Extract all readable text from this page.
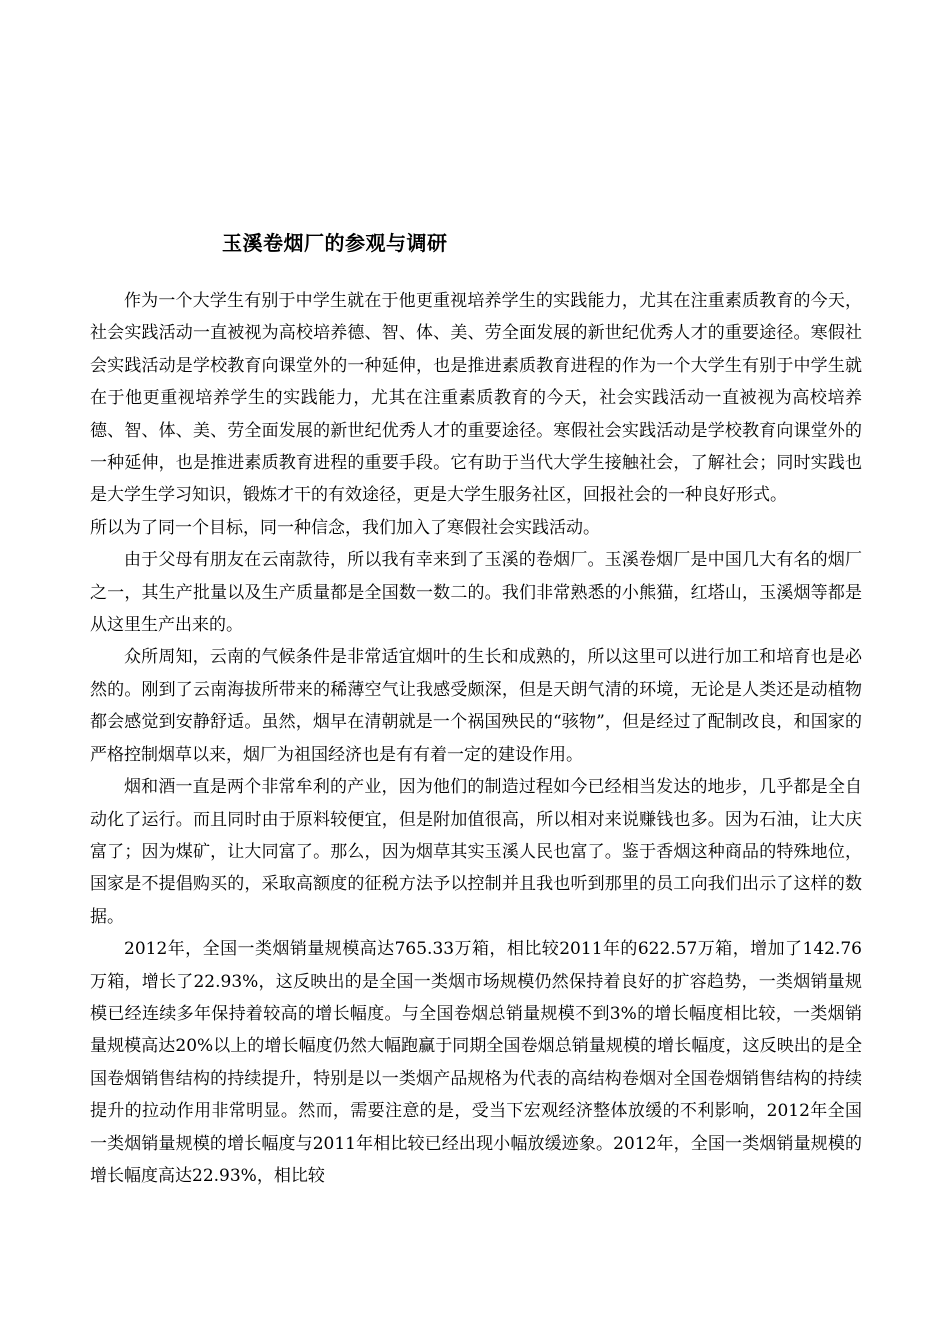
玉溪卷烟厂的参观与调研

作为一个大学生有别于中学生就在于他更重视培养学生的实践能力，尤其在注重素质教育的今天，社会实践活动一直被视为高校培养德、智、体、美、劳全面发展的新世纪优秀人才的重要途径。寒假社会实践活动是学校教育向课堂外的一种延伸，也是推进素质教育进程的作为一个大学生有别于中学生就在于他更重视培养学生的实践能力，尤其在注重素质教育的今天，社会实践活动一直被视为高校培养德、智、体、美、劳全面发展的新世纪优秀人才的重要途径。寒假社会实践活动是学校教育向课堂外的一种延伸，也是推进素质教育进程的重要手段。它有助于当代大学生接触社会，了解社会；同时实践也是大学生学习知识，锻炼才干的有效途径，更是大学生服务社区，回报社会的一种良好形式。

所以为了同一个目标，同一种信念，我们加入了寒假社会实践活动。

由于父母有朋友在云南款待，所以我有幸来到了玉溪的卷烟厂。玉溪卷烟厂是中国几大有名的烟厂之一，其生产批量以及生产质量都是全国数一数二的。我们非常熟悉的小熊猫，红塔山，玉溪烟等都是从这里生产出来的。

众所周知，云南的气候条件是非常适宜烟叶的生长和成熟的，所以这里可以进行加工和培育也是必然的。刚到了云南海拔所带来的稀薄空气让我感受颇深，但是天朗气清的环境，无论是人类还是动植物都会感觉到安静舒适。虽然，烟早在清朝就是一个祸国殃民的“骇物”，但是经过了配制改良，和国家的严格控制烟草以来，烟厂为祖国经济也是有有着一定的建设作用。

烟和酒一直是两个非常牟利的产业，因为他们的制造过程如今已经相当发达的地步，几乎都是全自动化了运行。而且同时由于原料较便宜，但是附加值很高，所以相对来说赚钱也多。因为石油，让大庆富了；因为煤矿，让大同富了。那么，因为烟草其实玉溪人民也富了。鉴于香烟这种商品的特殊地位，国家是不提倡购买的，采取高额度的征税方法予以控制并且我也听到那里的员工向我们出示了这样的数据。

2012年，全国一类烟销量规模高达765.33万箱，相比较2011年的622.57万箱，增加了142.76万箱，增长了22.93%，这反映出的是全国一类烟市场规模仍然保持着良好的扩容趋势，一类烟销量规模已经连续多年保持着较高的增长幅度。与全国卷烟总销量规模不到3%的增长幅度相比较，一类烟销量规模高达20%以上的增长幅度仍然大幅跑赢于同期全国卷烟总销量规模的增长幅度，这反映出的是全国卷烟销售结构的持续提升，特别是以一类烟产品规格为代表的高结构卷烟对全国卷烟销售结构的持续提升的拉动作用非常明显。然而，需要注意的是，受当下宏观经济整体放缓的不利影响，2012年全国一类烟销量规模的增长幅度与2011年相比较已经出现小幅放缓迹象。2012年，全国一类烟销量规模的增长幅度高达22.93%，相比较
